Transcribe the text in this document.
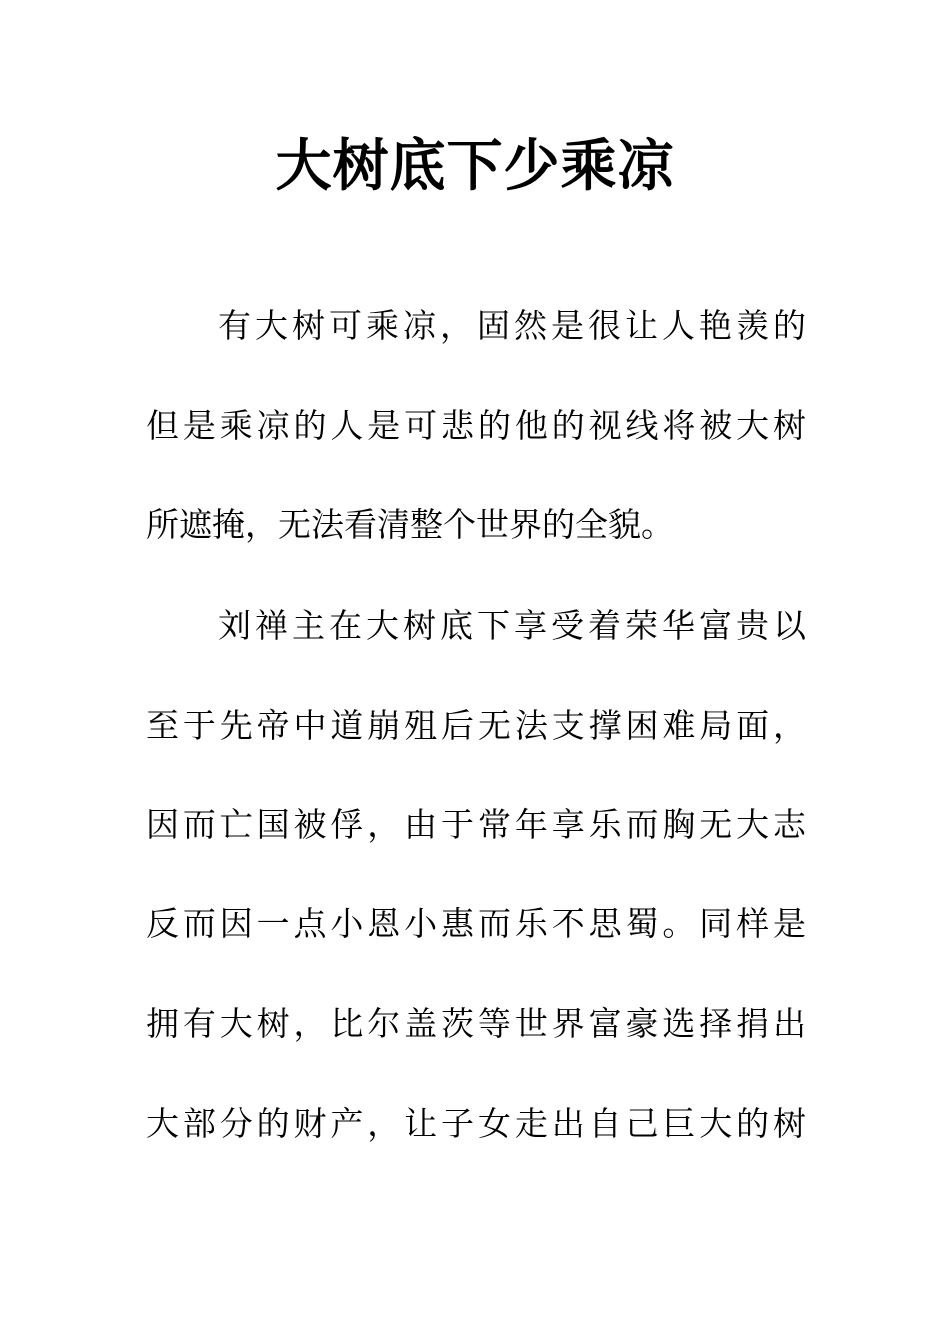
大树底下少乘凉
有大树可乘凉，固然是很让人艳羡的
但是乘凉的人是可悲的他的视线将被大树
所遮掩，无法看清整个世界的全貌。
刘禅主在大树底下享受着荣华富贵以
至于先帝中道崩殂后无法支撑困难局面，
因而亡国被俘，由于常年享乐而胸无大志
反而因一点小恩小惠而乐不思蜀。同样是
拥有大树，比尔盖茨等世界富豪选择捐出
大部分的财产，让子女走出自己巨大的树
